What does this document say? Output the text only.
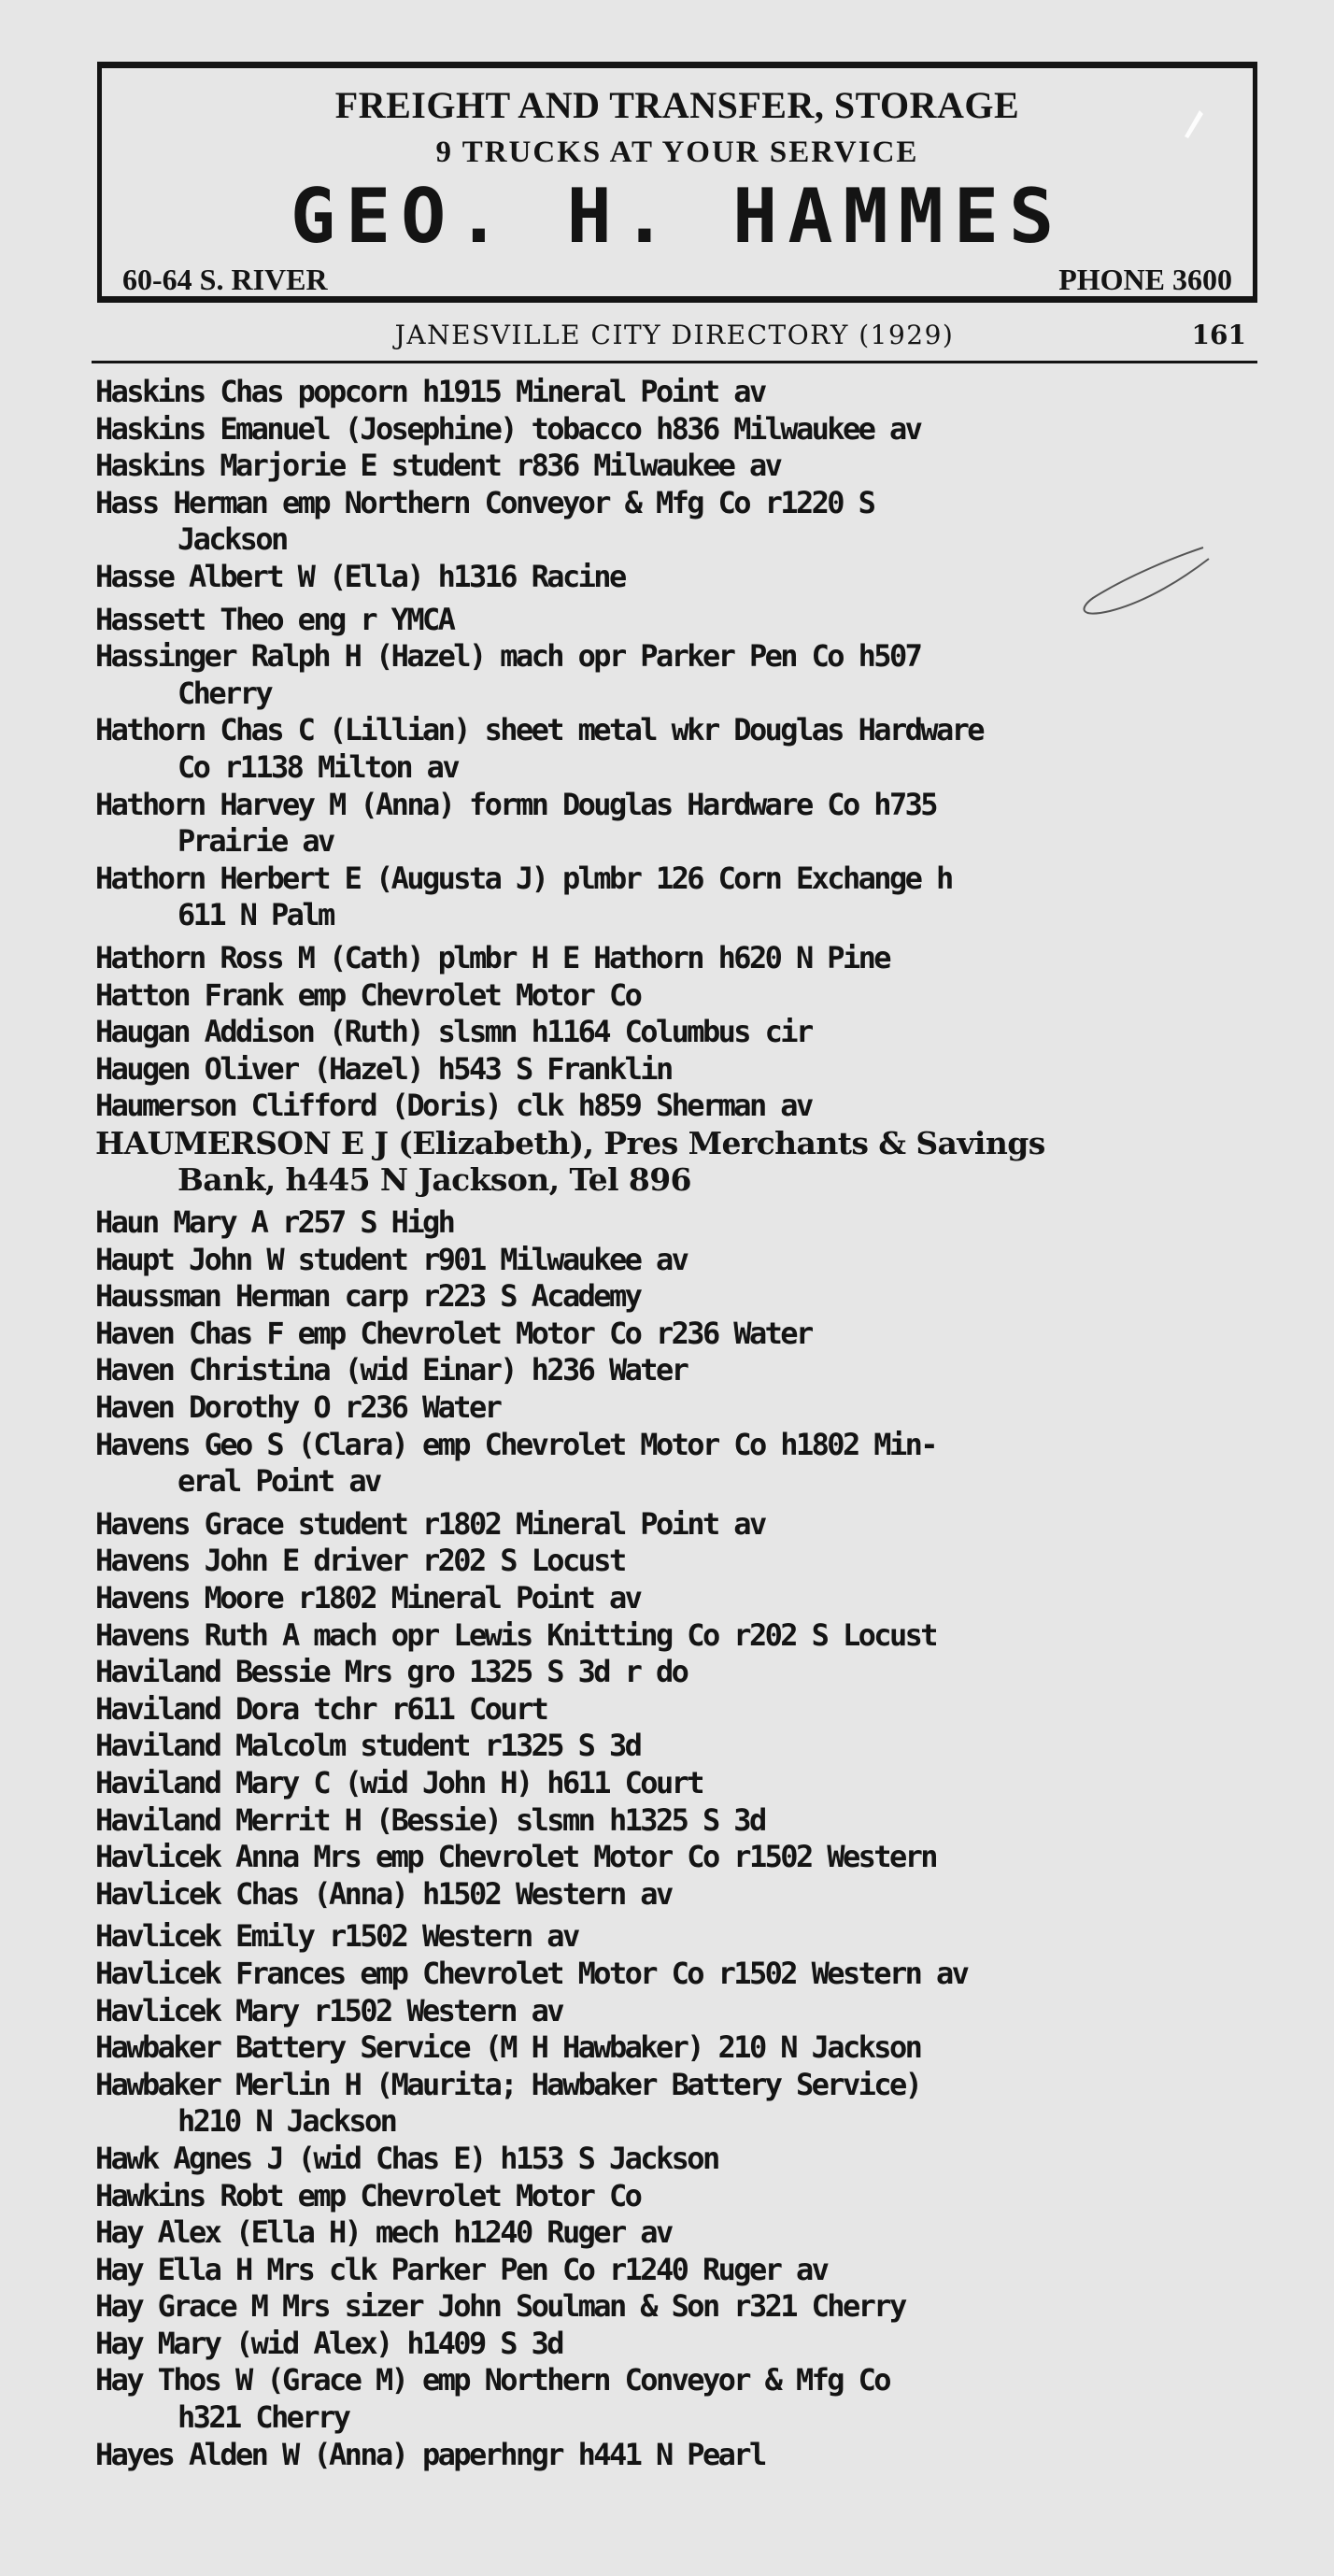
FREIGHT AND TRANSFER, STORAGE
9 TRUCKS AT YOUR SERVICE
GEO. H. HAMMES
60-64 S. RIVER	PHONE 3600
JANESVILLE CITY DIRECTORY (1929)	161
Haskins Chas popcorn h1915 Mineral Point av
Haskins Emanuel (Josephine) tobacco h836 Milwaukee av
Haskins Marjorie E student r836 Milwaukee av
Hass Herman emp Northern Conveyor & Mfg Co r1220 S
Jackson
Hasse Albert W (Ella) h1316 Racine
Hassett Theo eng r YMCA
Hassinger Ralph H (Hazel) mach opr Parker Pen Co h507
Cherry
Hathorn Chas C (Lillian) sheet metal wkr Douglas Hardware
Co r1138 Milton av
Hathorn Harvey M (Anna) formn Douglas Hardware Co h735
Prairie av
Hathorn Herbert E (Augusta J) plmbr 126 Corn Exchange h
611 N Palm
Hathorn Ross M (Cath) plmbr H E Hathorn h620 N Pine
Hatton Frank emp Chevrolet Motor Co
Haugan Addison (Ruth) slsmn h1164 Columbus cir
Haugen Oliver (Hazel) h543 S Franklin
Haumerson Clifford (Doris) clk h859 Sherman av
HAUMERSON E J (Elizabeth), Pres Merchants & Savings
Bank, h445 N Jackson, Tel 896
Haun Mary A r257 S High
Haupt John W student r901 Milwaukee av
Haussman Herman carp r223 S Academy
Haven Chas F emp Chevrolet Motor Co r236 Water
Haven Christina (wid Einar) h236 Water
Haven Dorothy O r236 Water
Havens Geo S (Clara) emp Chevrolet Motor Co h1802 Min-
eral Point av
Havens Grace student r1802 Mineral Point av
Havens John E driver r202 S Locust
Havens Moore r1802 Mineral Point av
Havens Ruth A mach opr Lewis Knitting Co r202 S Locust
Haviland Bessie Mrs gro 1325 S 3d r do
Haviland Dora tchr r611 Court
Haviland Malcolm student r1325 S 3d
Haviland Mary C (wid John H) h611 Court
Haviland Merrit H (Bessie) slsmn h1325 S 3d
Havlicek Anna Mrs emp Chevrolet Motor Co r1502 Western
Havlicek Chas (Anna) h1502 Western av
Havlicek Emily r1502 Western av
Havlicek Frances emp Chevrolet Motor Co r1502 Western av
Havlicek Mary r1502 Western av
Hawbaker Battery Service (M H Hawbaker) 210 N Jackson
Hawbaker Merlin H (Maurita; Hawbaker Battery Service)
h210 N Jackson
Hawk Agnes J (wid Chas E) h153 S Jackson
Hawkins Robt emp Chevrolet Motor Co
Hay Alex (Ella H) mech h1240 Ruger av
Hay Ella H Mrs clk Parker Pen Co r1240 Ruger av
Hay Grace M Mrs sizer John Soulman & Son r321 Cherry
Hay Mary (wid Alex) h1409 S 3d
Hay Thos W (Grace M) emp Northern Conveyor & Mfg Co
h321 Cherry
Hayes Alden W (Anna) paperhngr h441 N Pearl
